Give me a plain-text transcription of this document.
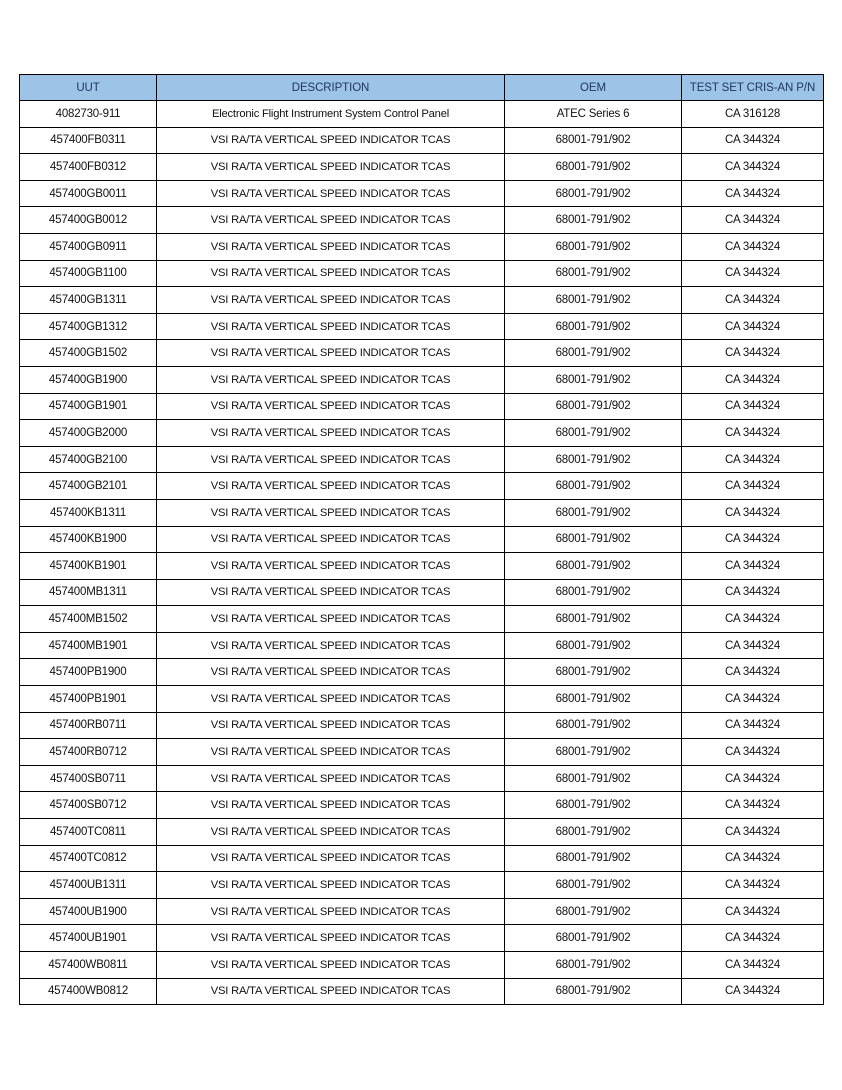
UUT	DESCRIPTION	OEM	TEST SET CRIS-AN P/N
4082730-911	Electronic Flight Instrument System Control Panel	ATEC Series 6	CA 316128
457400FB0311	VSI RA/TA VERTICAL SPEED INDICATOR TCAS	68001-791/902	CA 344324
457400FB0312	VSI RA/TA VERTICAL SPEED INDICATOR TCAS	68001-791/902	CA 344324
457400GB0011	VSI RA/TA VERTICAL SPEED INDICATOR TCAS	68001-791/902	CA 344324
457400GB0012	VSI RA/TA VERTICAL SPEED INDICATOR TCAS	68001-791/902	CA 344324
457400GB0911	VSI RA/TA VERTICAL SPEED INDICATOR TCAS	68001-791/902	CA 344324
457400GB1100	VSI RA/TA VERTICAL SPEED INDICATOR TCAS	68001-791/902	CA 344324
457400GB1311	VSI RA/TA VERTICAL SPEED INDICATOR TCAS	68001-791/902	CA 344324
457400GB1312	VSI RA/TA VERTICAL SPEED INDICATOR TCAS	68001-791/902	CA 344324
457400GB1502	VSI RA/TA VERTICAL SPEED INDICATOR TCAS	68001-791/902	CA 344324
457400GB1900	VSI RA/TA VERTICAL SPEED INDICATOR TCAS	68001-791/902	CA 344324
457400GB1901	VSI RA/TA VERTICAL SPEED INDICATOR TCAS	68001-791/902	CA 344324
457400GB2000	VSI RA/TA VERTICAL SPEED INDICATOR TCAS	68001-791/902	CA 344324
457400GB2100	VSI RA/TA VERTICAL SPEED INDICATOR TCAS	68001-791/902	CA 344324
457400GB2101	VSI RA/TA VERTICAL SPEED INDICATOR TCAS	68001-791/902	CA 344324
457400KB1311	VSI RA/TA VERTICAL SPEED INDICATOR TCAS	68001-791/902	CA 344324
457400KB1900	VSI RA/TA VERTICAL SPEED INDICATOR TCAS	68001-791/902	CA 344324
457400KB1901	VSI RA/TA VERTICAL SPEED INDICATOR TCAS	68001-791/902	CA 344324
457400MB1311	VSI RA/TA VERTICAL SPEED INDICATOR TCAS	68001-791/902	CA 344324
457400MB1502	VSI RA/TA VERTICAL SPEED INDICATOR TCAS	68001-791/902	CA 344324
457400MB1901	VSI RA/TA VERTICAL SPEED INDICATOR TCAS	68001-791/902	CA 344324
457400PB1900	VSI RA/TA VERTICAL SPEED INDICATOR TCAS	68001-791/902	CA 344324
457400PB1901	VSI RA/TA VERTICAL SPEED INDICATOR TCAS	68001-791/902	CA 344324
457400RB0711	VSI RA/TA VERTICAL SPEED INDICATOR TCAS	68001-791/902	CA 344324
457400RB0712	VSI RA/TA VERTICAL SPEED INDICATOR TCAS	68001-791/902	CA 344324
457400SB0711	VSI RA/TA VERTICAL SPEED INDICATOR TCAS	68001-791/902	CA 344324
457400SB0712	VSI RA/TA VERTICAL SPEED INDICATOR TCAS	68001-791/902	CA 344324
457400TC0811	VSI RA/TA VERTICAL SPEED INDICATOR TCAS	68001-791/902	CA 344324
457400TC0812	VSI RA/TA VERTICAL SPEED INDICATOR TCAS	68001-791/902	CA 344324
457400UB1311	VSI RA/TA VERTICAL SPEED INDICATOR TCAS	68001-791/902	CA 344324
457400UB1900	VSI RA/TA VERTICAL SPEED INDICATOR TCAS	68001-791/902	CA 344324
457400UB1901	VSI RA/TA VERTICAL SPEED INDICATOR TCAS	68001-791/902	CA 344324
457400WB0811	VSI RA/TA VERTICAL SPEED INDICATOR TCAS	68001-791/902	CA 344324
457400WB0812	VSI RA/TA VERTICAL SPEED INDICATOR TCAS	68001-791/902	CA 344324
